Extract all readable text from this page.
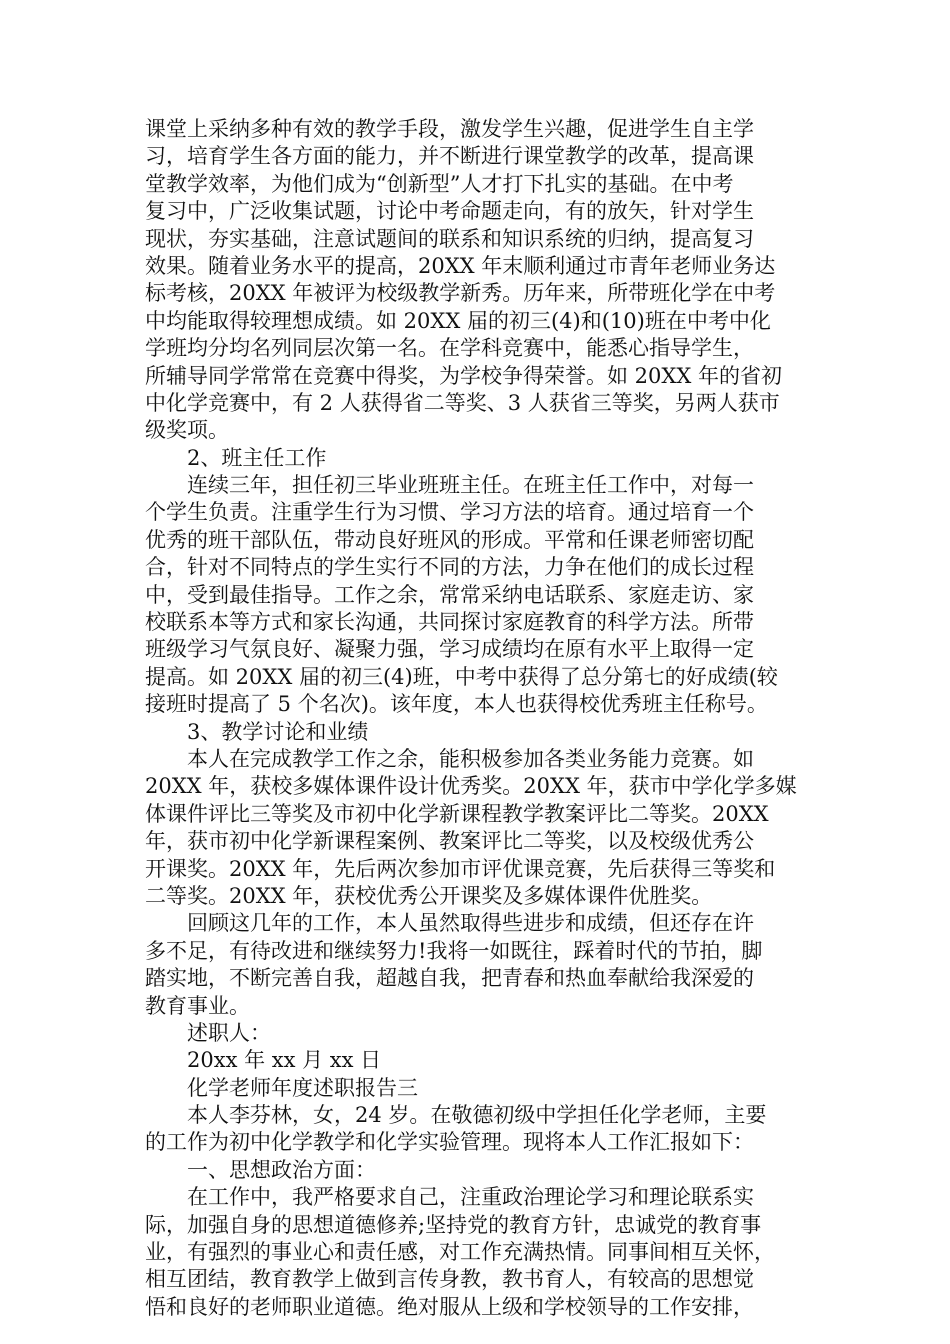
课堂上采纳多种有效的教学手段，激发学生兴趣，促进学生自主学
习，培育学生各方面的能力，并不断进行课堂教学的改革，提高课
堂教学效率，为他们成为“创新型”人才打下扎实的基础。在中考
复习中，广泛收集试题，讨论中考命题走向，有的放矢，针对学生
现状，夯实基础，注意试题间的联系和知识系统的归纳，提高复习
效果。随着业务水平的提高，20XX 年末顺利通过市青年老师业务达
标考核，20XX 年被评为校级教学新秀。历年来，所带班化学在中考
中均能取得较理想成绩。如 20XX 届的初三(4)和(10)班在中考中化
学班均分均名列同层次第一名。在学科竞赛中，能悉心指导学生，
所辅导同学常常在竞赛中得奖，为学校争得荣誉。如 20XX 年的省初
中化学竞赛中，有 2 人获得省二等奖、3 人获省三等奖，另两人获市
级奖项。
2、班主任工作
连续三年，担任初三毕业班班主任。在班主任工作中，对每一
个学生负责。注重学生行为习惯、学习方法的培育。通过培育一个
优秀的班干部队伍，带动良好班风的形成。平常和任课老师密切配
合，针对不同特点的学生实行不同的方法，力争在他们的成长过程
中，受到最佳指导。工作之余，常常采纳电话联系、家庭走访、家
校联系本等方式和家长沟通，共同探讨家庭教育的科学方法。所带
班级学习气氛良好、凝聚力强，学习成绩均在原有水平上取得一定
提高。如 20XX 届的初三(4)班，中考中获得了总分第七的好成绩(较
接班时提高了 5 个名次)。该年度，本人也获得校优秀班主任称号。
3、教学讨论和业绩
本人在完成教学工作之余，能积极参加各类业务能力竞赛。如
20XX 年，获校多媒体课件设计优秀奖。20XX 年，获市中学化学多媒
体课件评比三等奖及市初中化学新课程教学教案评比二等奖。20XX
年，获市初中化学新课程案例、教案评比二等奖，以及校级优秀公
开课奖。20XX 年，先后两次参加市评优课竞赛，先后获得三等奖和
二等奖。20XX 年，获校优秀公开课奖及多媒体课件优胜奖。
回顾这几年的工作，本人虽然取得些进步和成绩，但还存在许
多不足，有待改进和继续努力!我将一如既往，踩着时代的节拍，脚
踏实地，不断完善自我，超越自我，把青春和热血奉献给我深爱的
教育事业。
述职人：
20xx 年 xx 月 xx 日
化学老师年度述职报告三
本人李芬林，女，24 岁。在敬德初级中学担任化学老师，主要
的工作为初中化学教学和化学实验管理。现将本人工作汇报如下：
一、思想政治方面：
在工作中，我严格要求自己，注重政治理论学习和理论联系实
际，加强自身的思想道德修养;坚持党的教育方针，忠诚党的教育事
业，有强烈的事业心和责任感，对工作充满热情。同事间相互关怀，
相互团结，教育教学上做到言传身教，教书育人，有较高的思想觉
悟和良好的老师职业道德。绝对服从上级和学校领导的工作安排，
